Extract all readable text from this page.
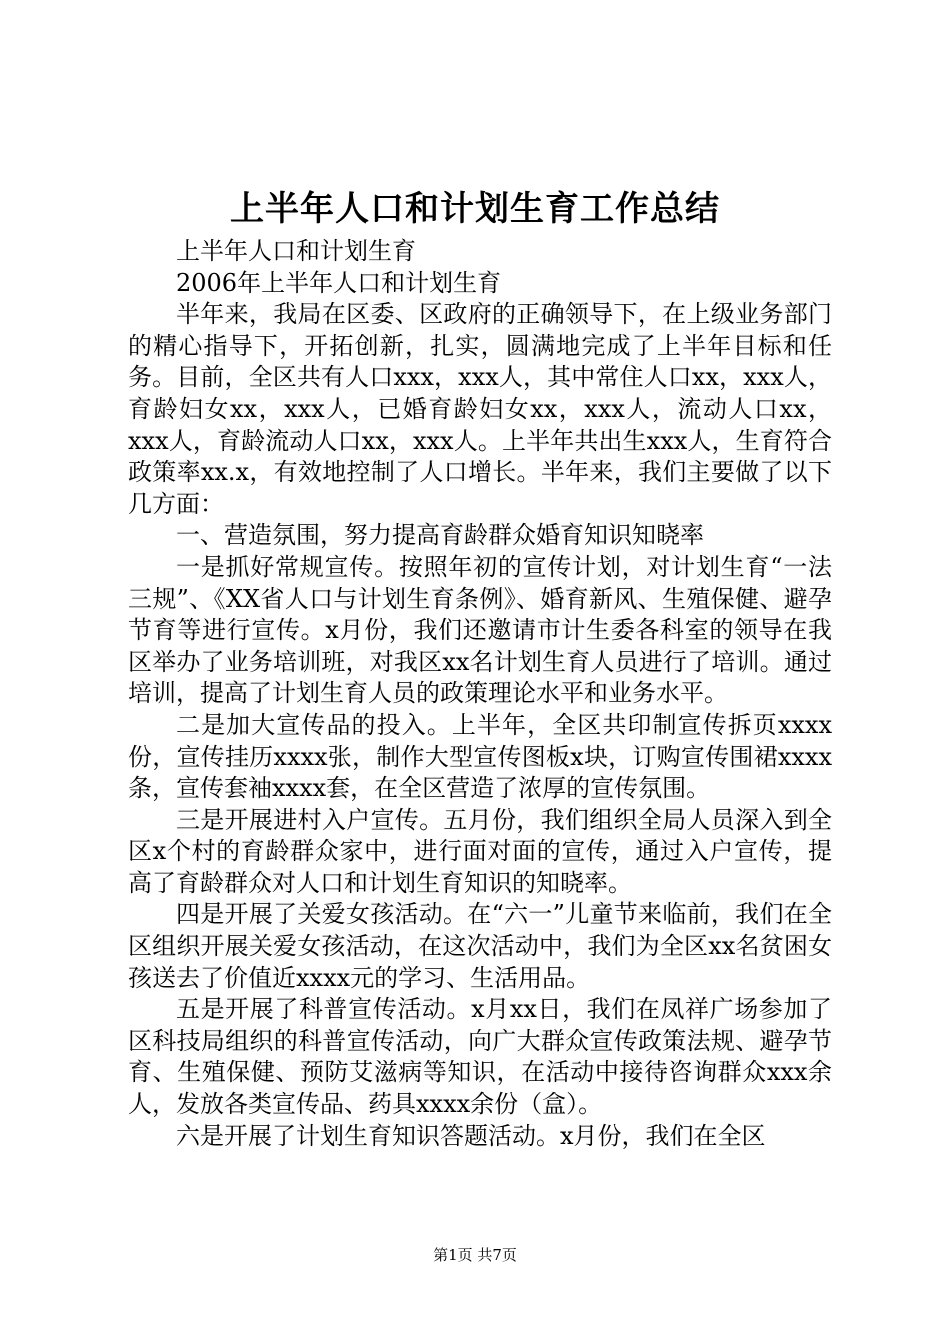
上半年人口和计划生育工作总结

上半年人口和计划生育

2006年上半年人口和计划生育

半年来，我局在区委、区政府的正确领导下，在上级业务部门的精心指导下，开拓创新，扎实，圆满地完成了上半年目标和任务。目前，全区共有人口xxx，xxx人，其中常住人口xx，xxx人，育龄妇女xx，xxx人，已婚育龄妇女xx，xxx人，流动人口xx，xxx人，育龄流动人口xx，xxx人。上半年共出生xxx人，生育符合政策率xx.x，有效地控制了人口增长。半年来，我们主要做了以下几方面：

一、营造氛围，努力提高育龄群众婚育知识知晓率

一是抓好常规宣传。按照年初的宣传计划，对计划生育“一法三规”、《XX省人口与计划生育条例》、婚育新风、生殖保健、避孕节育等进行宣传。x月份，我们还邀请市计生委各科室的领导在我区举办了业务培训班，对我区xx名计划生育人员进行了培训。通过培训，提高了计划生育人员的政策理论水平和业务水平。

二是加大宣传品的投入。上半年，全区共印制宣传拆页xxxx份，宣传挂历xxxx张，制作大型宣传图板x块，订购宣传围裙xxxx条，宣传套袖xxxx套，在全区营造了浓厚的宣传氛围。

三是开展进村入户宣传。五月份，我们组织全局人员深入到全区x个村的育龄群众家中，进行面对面的宣传，通过入户宣传，提高了育龄群众对人口和计划生育知识的知晓率。

四是开展了关爱女孩活动。在“六一”儿童节来临前，我们在全区组织开展关爱女孩活动，在这次活动中，我们为全区xx名贫困女孩送去了价值近xxxx元的学习、生活用品。

五是开展了科普宣传活动。x月xx日，我们在凤祥广场参加了区科技局组织的科普宣传活动，向广大群众宣传政策法规、避孕节育、生殖保健、预防艾滋病等知识，在活动中接待咨询群众xxx余人，发放各类宣传品、药具xxxx余份（盒）。

六是开展了计划生育知识答题活动。x月份，我们在全区

第1页 共7页
